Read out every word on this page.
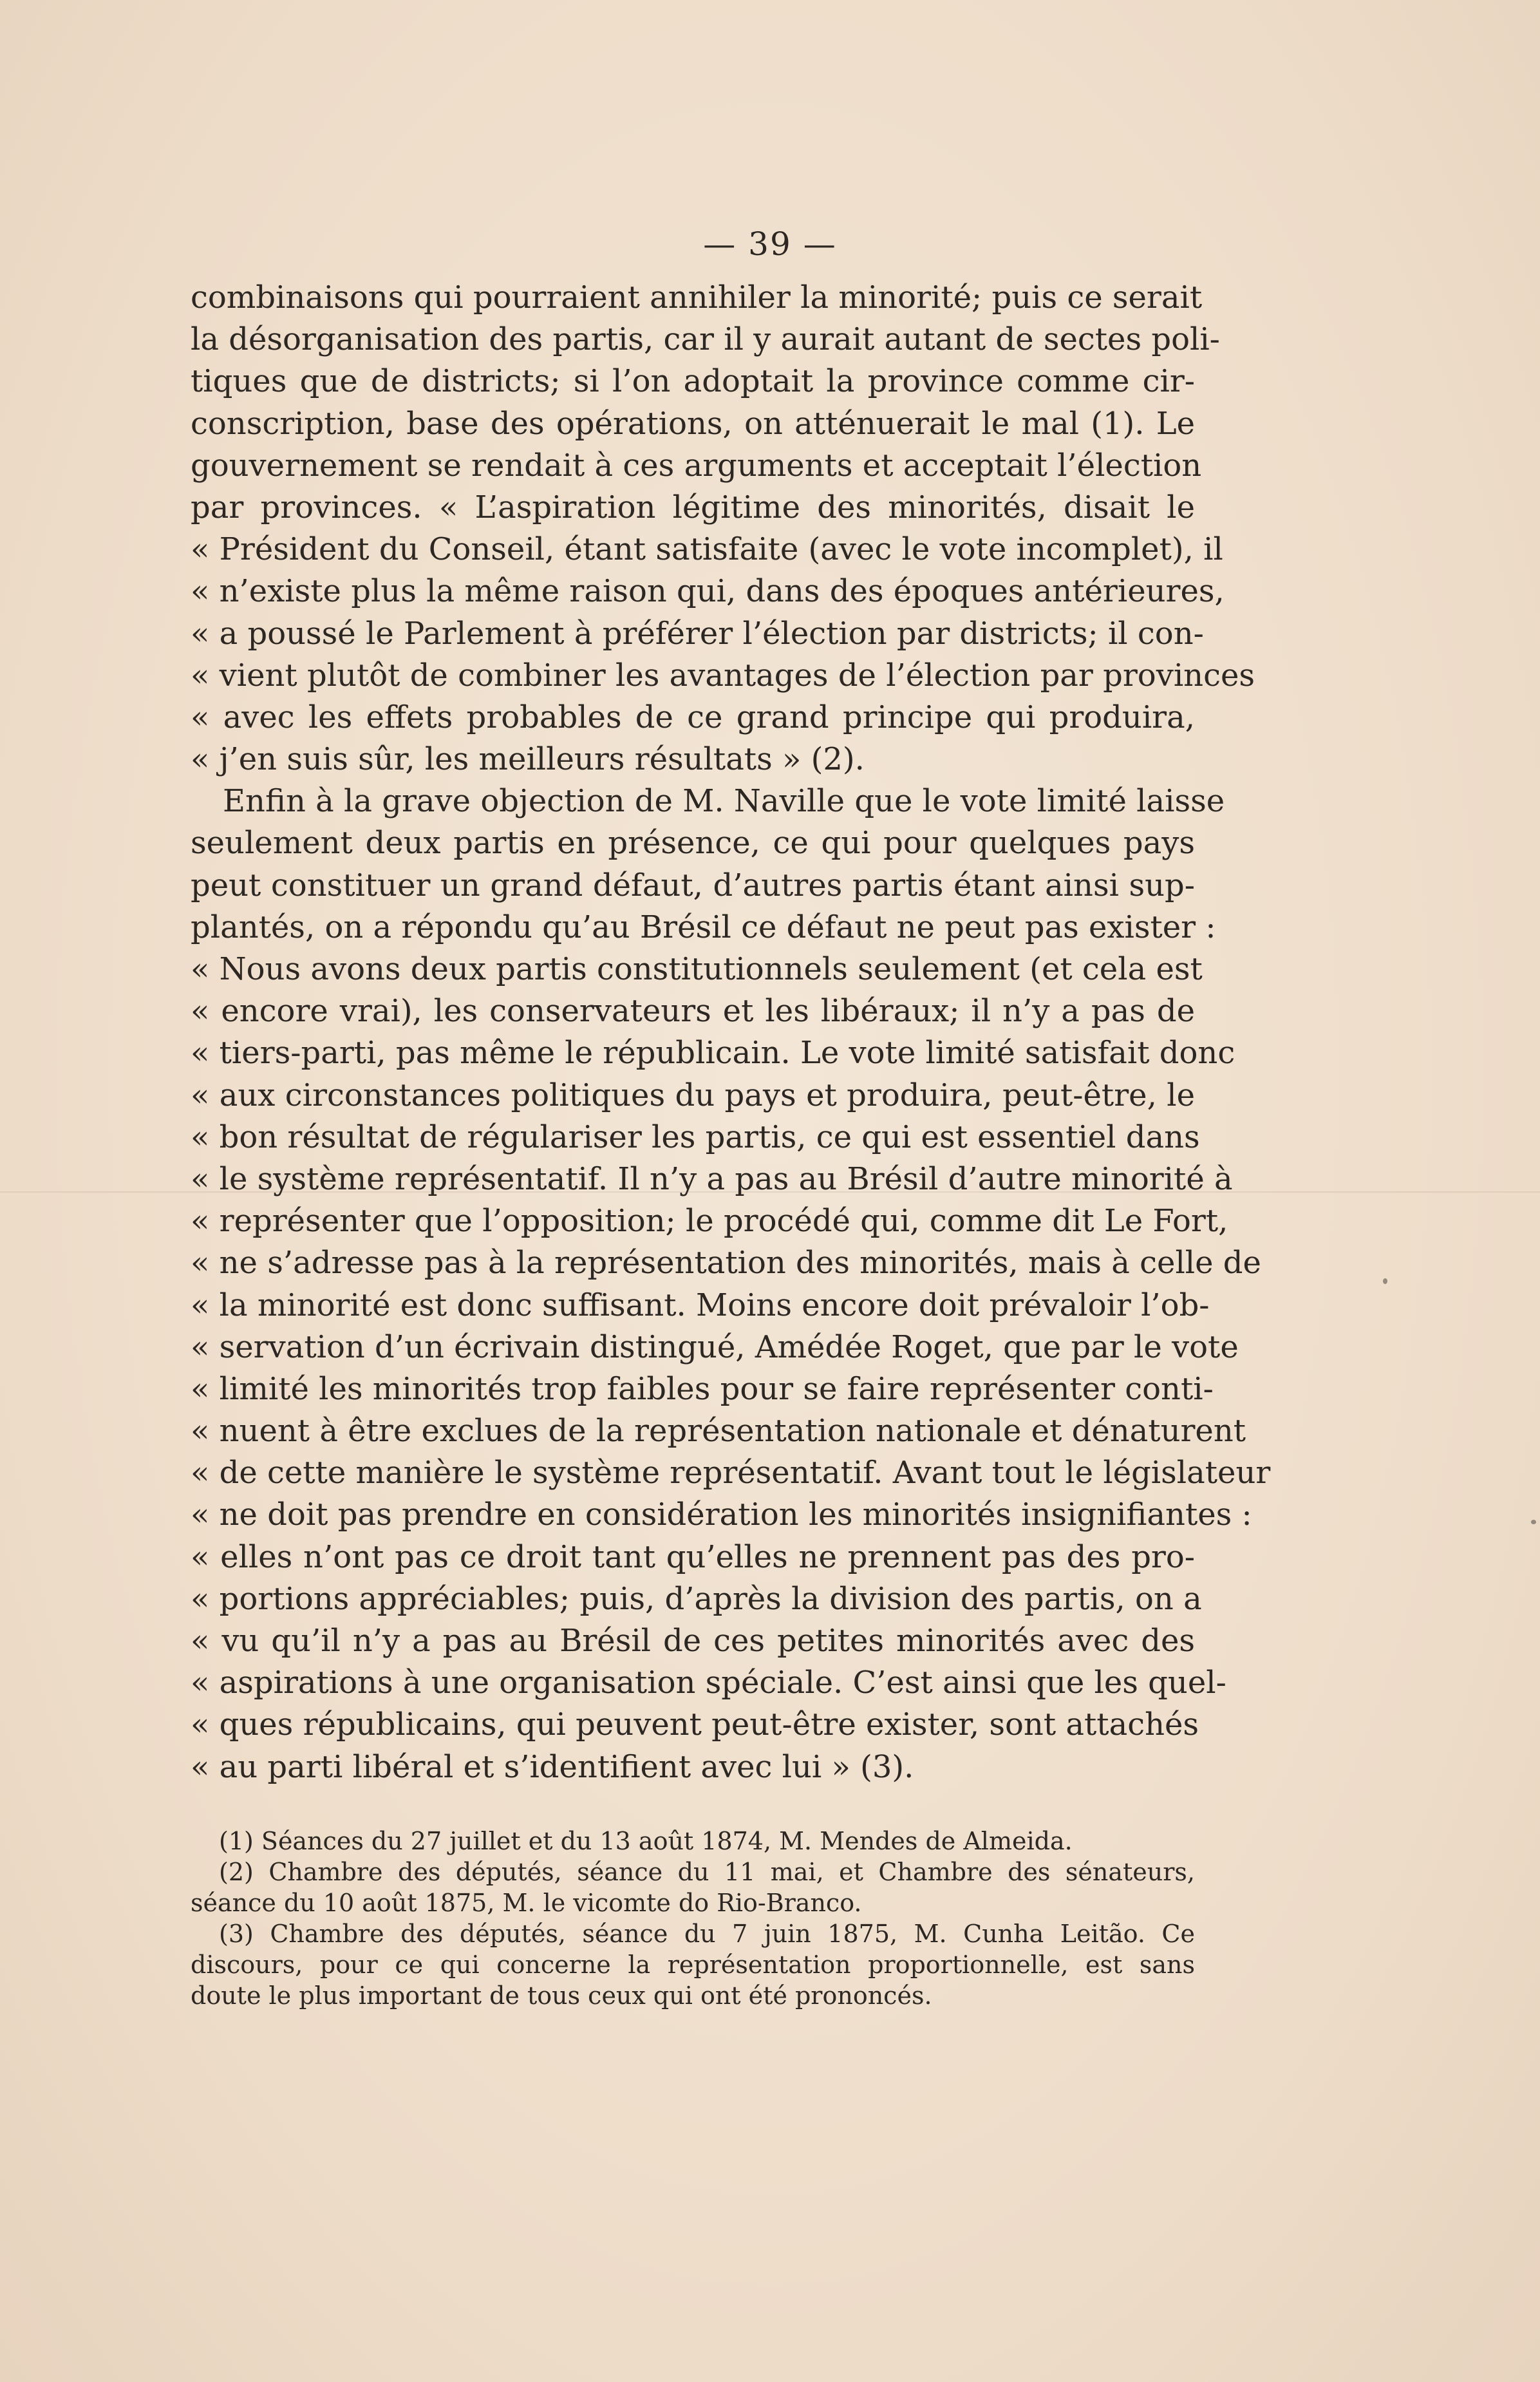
— 39 —
combinaisons qui pourraient annihiler la minorité; puis ce serait
la désorganisation des partis, car il y aurait autant de sectes poli-
tiques que de districts; si l’on adoptait la province comme cir-
conscription, base des opérations, on atténuerait le mal (1). Le
gouvernement se rendait à ces arguments et acceptait l’élection
par provinces. « L’aspiration légitime des minorités, disait le
« Président du Conseil, étant satisfaite (avec le vote incomplet), il
« n’existe plus la même raison qui, dans des époques antérieures,
« a poussé le Parlement à préférer l’élection par districts; il con-
« vient plutôt de combiner les avantages de l’élection par provinces
« avec les effets probables de ce grand principe qui produira,
« j’en suis sûr, les meilleurs résultats » (2).
Enfin à la grave objection de M. Naville que le vote limité laisse
seulement deux partis en présence, ce qui pour quelques pays
peut constituer un grand défaut, d’autres partis étant ainsi sup-
plantés, on a répondu qu’au Brésil ce défaut ne peut pas exister :
« Nous avons deux partis constitutionnels seulement (et cela est
« encore vrai), les conservateurs et les libéraux; il n’y a pas de
« tiers-parti, pas même le républicain. Le vote limité satisfait donc
« aux circonstances politiques du pays et produira, peut-être, le
« bon résultat de régulariser les partis, ce qui est essentiel dans
« le système représentatif. Il n’y a pas au Brésil d’autre minorité à
« représenter que l’opposition; le procédé qui, comme dit Le Fort,
« ne s’adresse pas à la représentation des minorités, mais à celle de
« la minorité est donc suffisant. Moins encore doit prévaloir l’ob-
« servation d’un écrivain distingué, Amédée Roget, que par le vote
« limité les minorités trop faibles pour se faire représenter conti-
« nuent à être exclues de la représentation nationale et dénaturent
« de cette manière le système représentatif. Avant tout le législateur
« ne doit pas prendre en considération les minorités insignifiantes :
« elles n’ont pas ce droit tant qu’elles ne prennent pas des pro-
« portions appréciables; puis, d’après la division des partis, on a
« vu qu’il n’y a pas au Brésil de ces petites minorités avec des
« aspirations à une organisation spéciale. C’est ainsi que les quel-
« ques républicains, qui peuvent peut-être exister, sont attachés
« au parti libéral et s’identifient avec lui » (3).
(1) Séances du 27 juillet et du 13 août 1874, M. Mendes de Almeida.
(2) Chambre des députés, séance du 11 mai, et Chambre des sénateurs,
séance du 10 août 1875, M. le vicomte do Rio-Branco.
(3) Chambre des députés, séance du 7 juin 1875, M. Cunha Leitão. Ce
discours, pour ce qui concerne la représentation proportionnelle, est sans
doute le plus important de tous ceux qui ont été prononcés.
